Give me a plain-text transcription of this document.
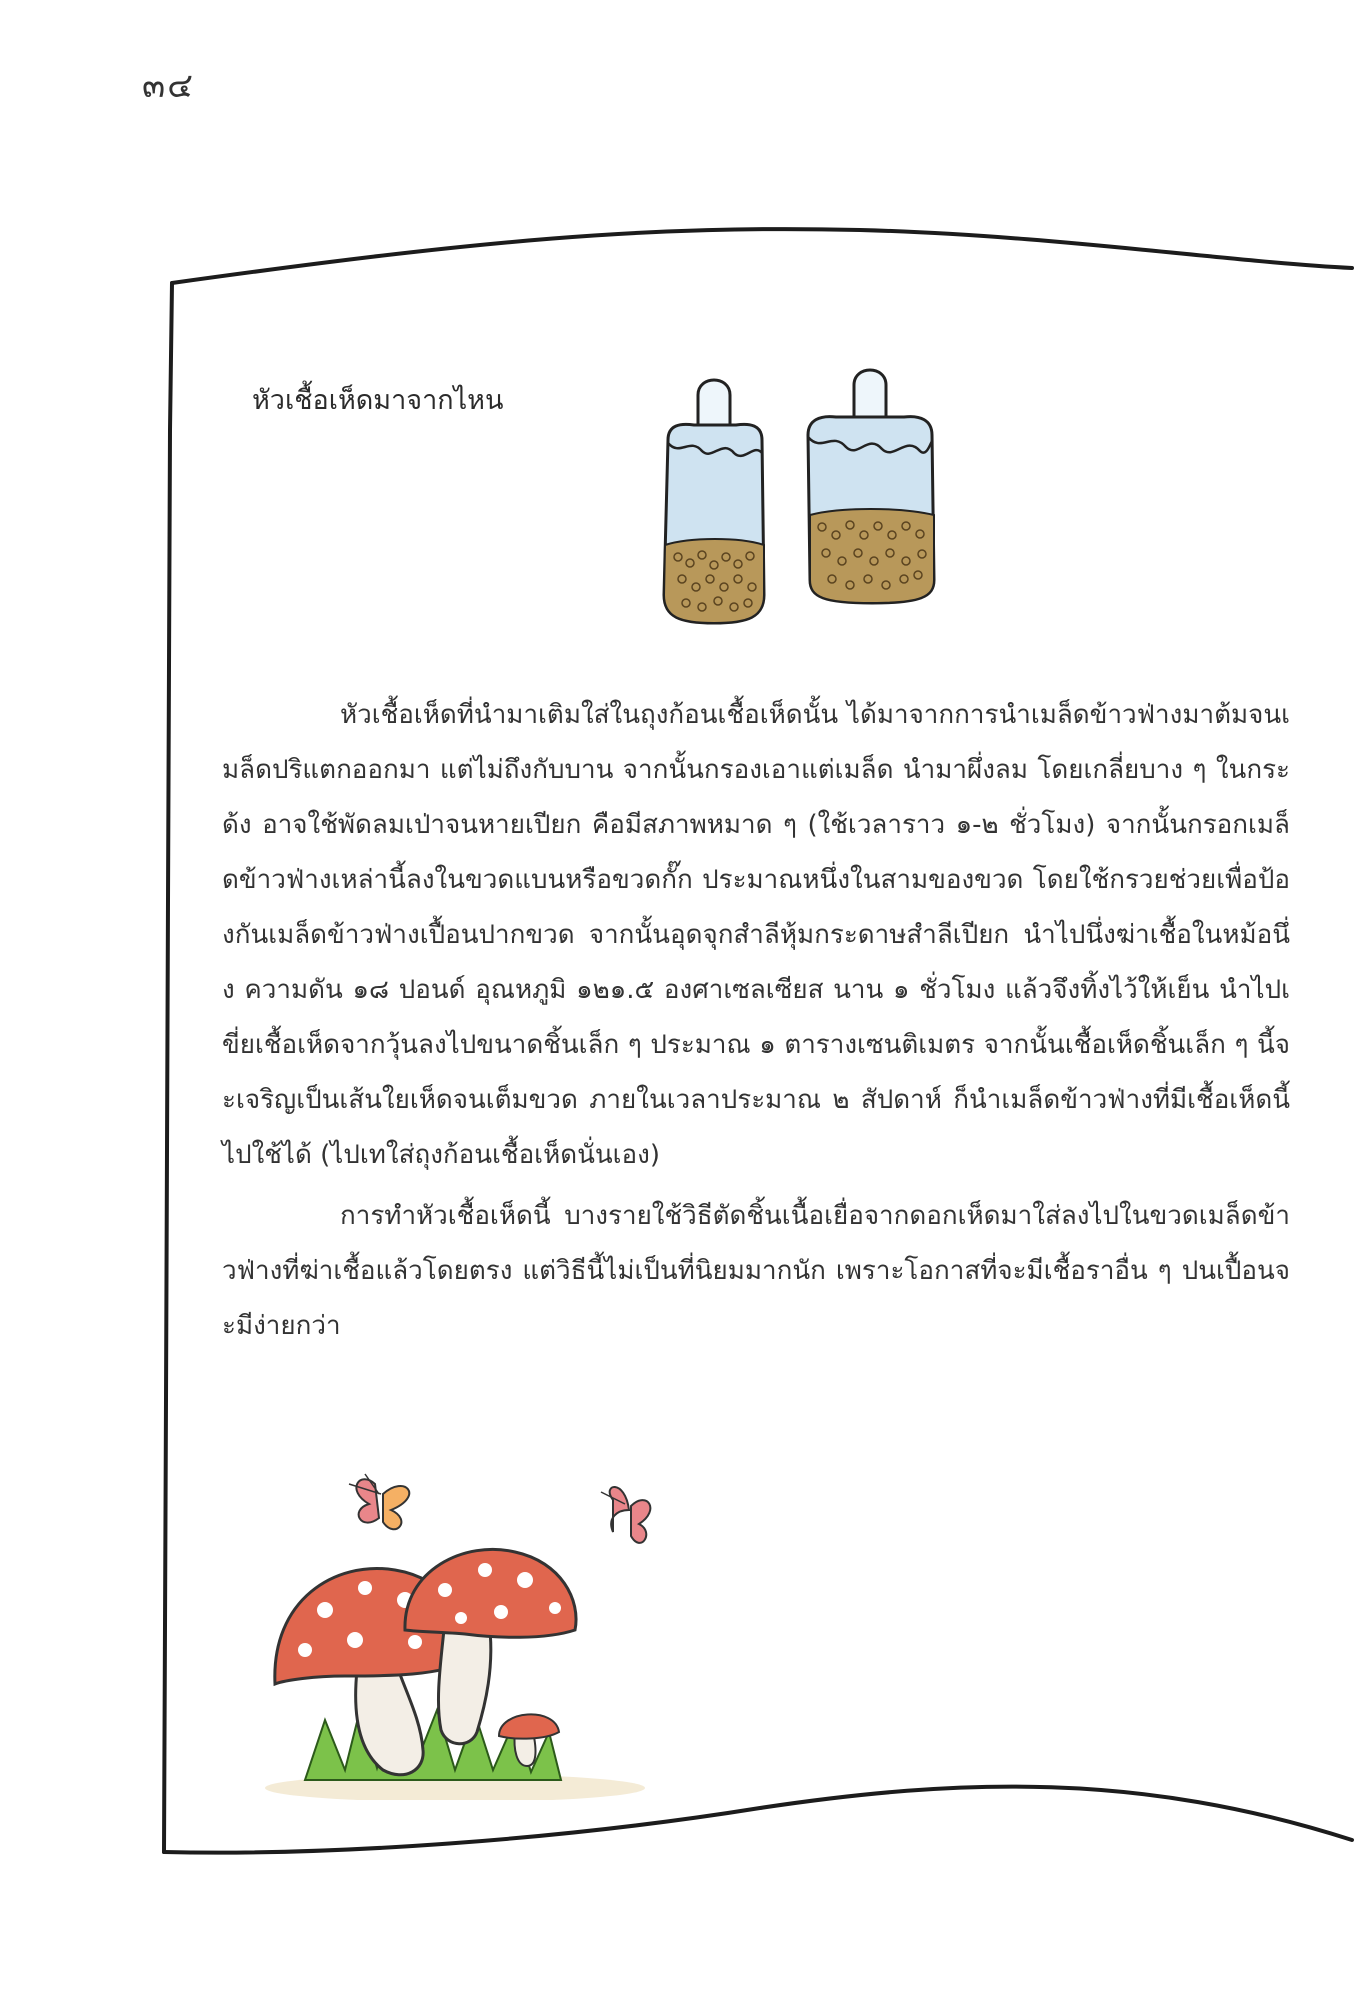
๓๔
หัวเชื้อเห็ดมาจากไหน

หัวเชื้อเห็ดที่นำมาเติมใส่ในถุงก้อนเชื้อเห็ดนั้น ได้มาจากการนำเมล็ดข้าวฟ่างมาต้มจนเมล็ดปริแตกออกมา แต่ไม่ถึงกับบาน จากนั้นกรองเอาแต่เมล็ด นำมาผึ่งลม โดยเกลี่ยบาง ๆ ในกระด้ง อาจใช้พัดลมเป่าจนหายเปียก คือมีสภาพหมาด ๆ (ใช้เวลาราว ๑-๒ ชั่วโมง) จากนั้นกรอกเมล็ดข้าวฟ่างเหล่านี้ลงในขวดแบนหรือขวดกั๊ก ประมาณหนึ่งในสามของขวด โดยใช้กรวยช่วยเพื่อป้องกันเมล็ดข้าวฟ่างเปื้อนปากขวด จากนั้นอุดจุกสำลีหุ้มกระดาษสำลีเปียก นำไปนึ่งฆ่าเชื้อในหม้อนึ่ง ความดัน ๑๘ ปอนด์ อุณหภูมิ ๑๒๑.๕ องศาเซลเซียส นาน ๑ ชั่วโมง แล้วจึงทิ้งไว้ให้เย็น นำไปเขี่ยเชื้อเห็ดจากวุ้นลงไปขนาดชิ้นเล็ก ๆ ประมาณ ๑ ตารางเซนติเมตร จากนั้นเชื้อเห็ดชิ้นเล็ก ๆ นี้จะเจริญเป็นเส้นใยเห็ดจนเต็มขวด ภายในเวลาประมาณ ๒ สัปดาห์ ก็นำเมล็ดข้าวฟ่างที่มีเชื้อเห็ดนี้ไปใช้ได้ (ไปเทใส่ถุงก้อนเชื้อเห็ดนั่นเอง)

การทำหัวเชื้อเห็ดนี้ บางรายใช้วิธีตัดชิ้นเนื้อเยื่อจากดอกเห็ดมาใส่ลงไปในขวดเมล็ดข้าวฟ่างที่ฆ่าเชื้อแล้วโดยตรง แต่วิธีนี้ไม่เป็นที่นิยมมากนัก เพราะโอกาสที่จะมีเชื้อราอื่น ๆ ปนเปื้อนจะมีง่ายกว่า
